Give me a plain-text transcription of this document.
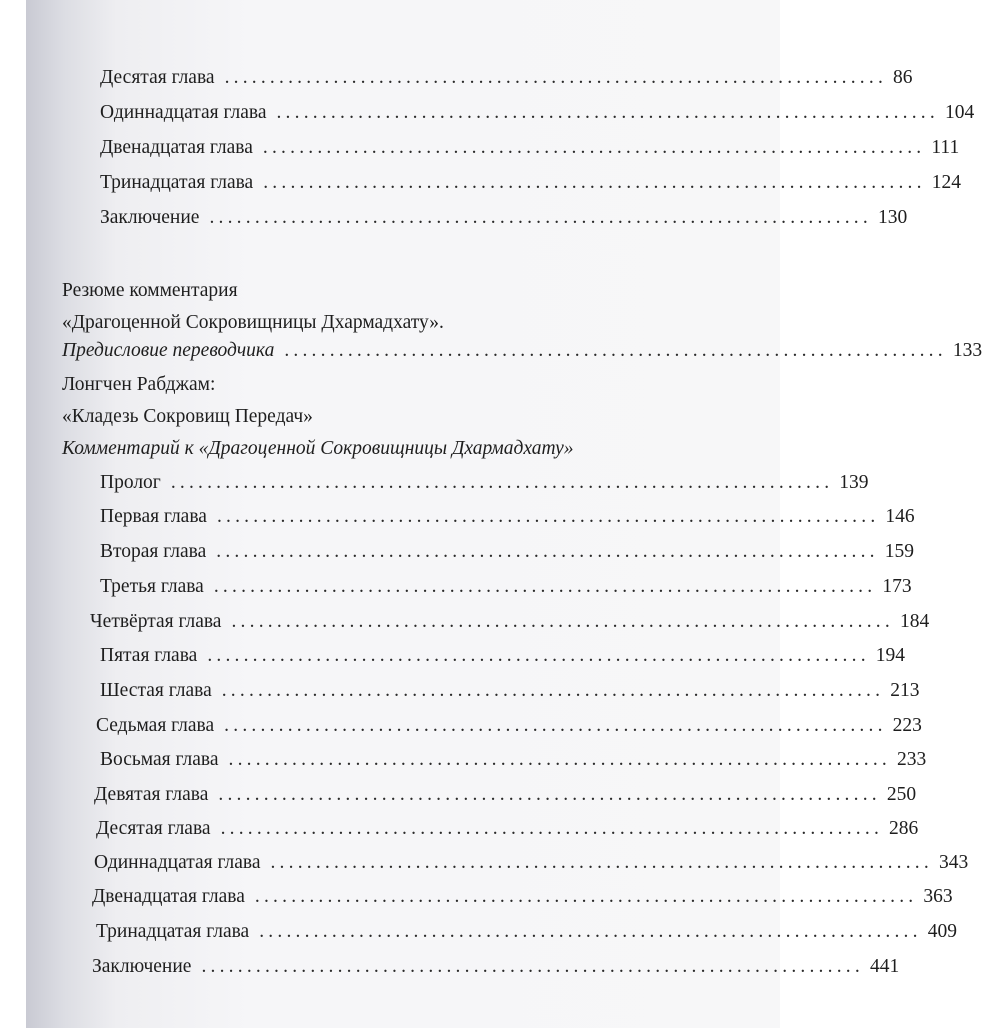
Десятая глава ......................................................................... 86
Одиннадцатая глава ......................................................................... 104
Двенадцатая глава ......................................................................... 111
Тринадцатая глава ......................................................................... 124
Заключение ......................................................................... 130
Резюме комментария
«Драгоценной Сокровищницы Дхармадхату».
Предисловие переводчика ......................................................................... 133
Лонгчен Рабджам:
«Кладезь Сокровищ Передач»
Комментарий к «Драгоценной Сокровищницы Дхармадхату»
Пролог ......................................................................... 139
Первая глава ......................................................................... 146
Вторая глава ......................................................................... 159
Третья глава ......................................................................... 173
Четвёртая глава ......................................................................... 184
Пятая глава ......................................................................... 194
Шестая глава ......................................................................... 213
Седьмая глава ......................................................................... 223
Восьмая глава ......................................................................... 233
Девятая глава ......................................................................... 250
Десятая глава ......................................................................... 286
Одиннадцатая глава ......................................................................... 343
Двенадцатая глава ......................................................................... 363
Тринадцатая глава ......................................................................... 409
Заключение ......................................................................... 441
